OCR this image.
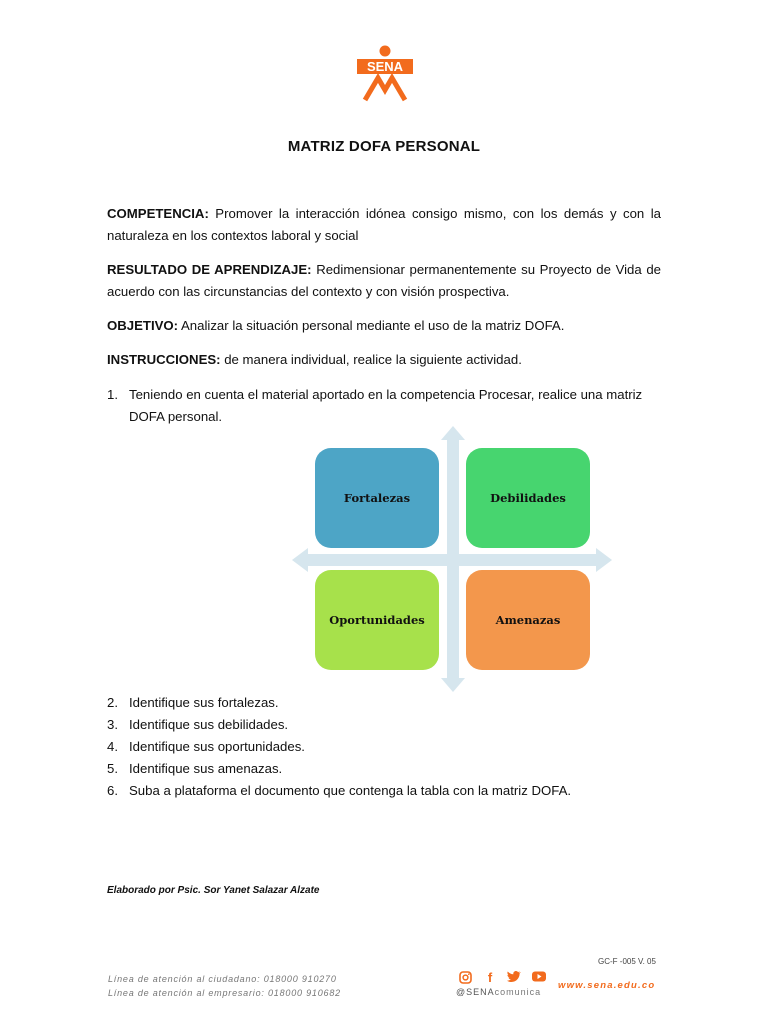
SENA
MATRIZ DOFA PERSONAL
COMPETENCIA: Promover la interacción idónea consigo mismo, con los demás y con la naturaleza en los contextos laboral y social
RESULTADO DE APRENDIZAJE: Redimensionar permanentemente su Proyecto de Vida de acuerdo con las circunstancias del contexto y con visión prospectiva.
OBJETIVO: Analizar la situación personal mediante el uso de la matriz DOFA.
INSTRUCCIONES: de manera individual, realice la siguiente actividad.
1. Teniendo en cuenta el material aportado en la competencia Procesar, realice una matriz DOFA personal.
Fortalezas	Debilidades
Oportunidades	Amenazas
2. Identifique sus fortalezas.
3. Identifique sus debilidades.
4. Identifique sus oportunidades.
5. Identifique sus amenazas.
6. Suba a plataforma el documento que contenga la tabla con la matriz DOFA.
Elaborado por Psic. Sor Yanet Salazar Alzate
GC-F -005 V. 05
Línea de atención al ciudadano: 018000 910270
Línea de atención al empresario: 018000 910682
f
@SENAcomunica
www.sena.edu.co
